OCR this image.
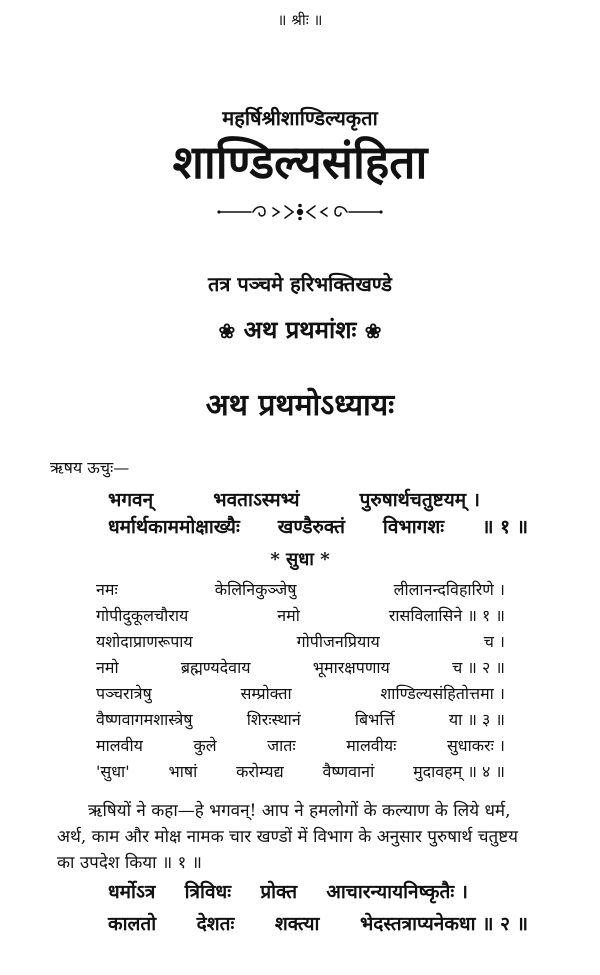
॥ श्रीः ॥
महर्षिश्रीशाण्डिल्यकृता
शाण्डिल्यसंहिता
तत्र पञ्चमे हरिभक्तिखण्डे
❀ अथ प्रथमांशः ❀
अथ प्रथमोऽध्यायः
ऋषय ऊचुः—
भगवन्	भवताऽस्मभ्यं	पुरुषार्थचतुष्टयम् ।
धर्मार्थकाममोक्षाख्यैः खण्डैरुक्तं विभागशः ॥ १ ॥
* सुधा *
नमः	केलिनिकुञ्जेषु	लीलानन्दविहारिणे ।
गोपीदुकूलचौराय	नमो	रासविलासिने ॥ १ ॥
यशोदाप्राणरूपाय	गोपीजनप्रियाय	च ।
नमो	ब्रह्मण्यदेवाय	भूमारक्षपणाय	च ॥ २ ॥
पञ्चरात्रेषु	सम्प्रोक्ता	शाण्डिल्यसंहितोत्तमा ।
वैष्णवागमशास्त्रेषु	शिरःस्थानं	बिभर्त्ति	या ॥ ३ ॥
मालवीय	कुले	जातः	मालवीयः	सुधाकरः ।
'सुधा' भाषां करोम्यद्य वैष्णवानां मुदावहम् ॥ ४ ॥
ऋषियों ने कहा—हे भगवन्! आप ने हमलोगों के कल्याण के लिये धर्म,
अर्थ, काम और मोक्ष नामक चार खण्डों में विभाग के अनुसार पुरुषार्थ चतुष्टय
का उपदेश किया ॥ १ ॥
धर्मोऽत्र त्रिविधः प्रोक्त आचारन्यायनिष्कृतैः ।
कालतो देशतः शक्त्या भेदस्तत्राप्यनेकधा ॥ २ ॥
